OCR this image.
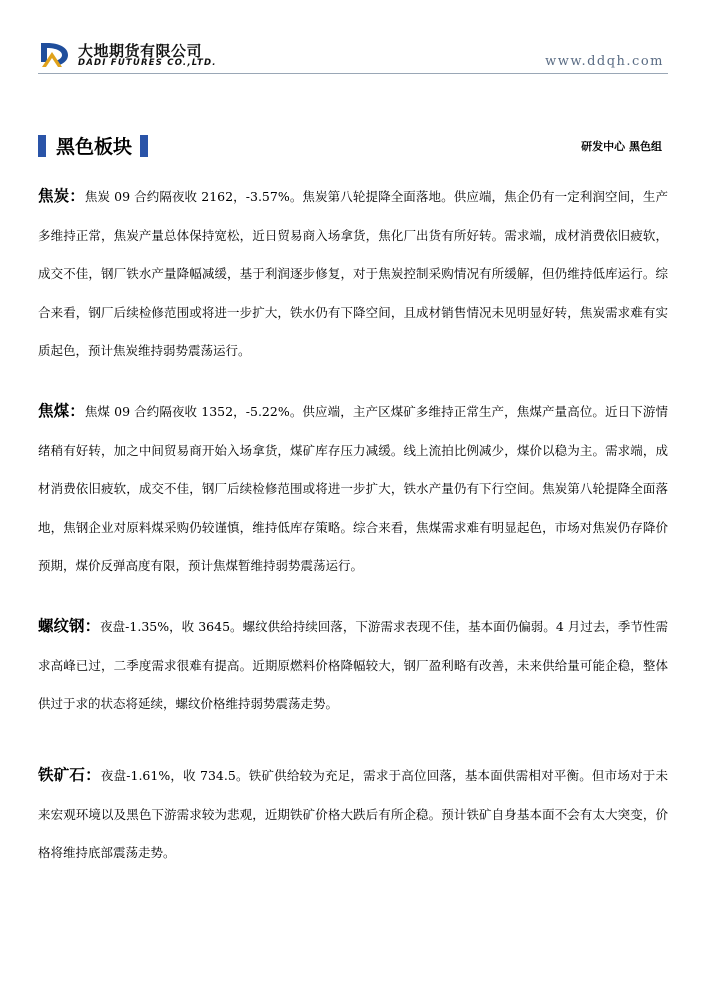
大地期货有限公司
DADI FUTURES CO.,LTD.	www.ddqh.com
黑色板块	研发中心 黑色组

焦炭：焦炭 09 合约隔夜收 2162，-3.57%。焦炭第八轮提降全面落地。供应端，焦企仍有一定利润空间，生产多维持正常，焦炭产量总体保持宽松，近日贸易商入场拿货，焦化厂出货有所好转。需求端，成材消费依旧疲软，成交不佳，钢厂铁水产量降幅减缓，基于利润逐步修复，对于焦炭控制采购情况有所缓解，但仍维持低库运行。综合来看，钢厂后续检修范围或将进一步扩大，铁水仍有下降空间，且成材销售情况未见明显好转，焦炭需求难有实质起色，预计焦炭维持弱势震荡运行。

焦煤：焦煤 09 合约隔夜收 1352，-5.22%。供应端，主产区煤矿多维持正常生产，焦煤产量高位。近日下游情绪稍有好转，加之中间贸易商开始入场拿货，煤矿库存压力减缓。线上流拍比例减少，煤价以稳为主。需求端，成材消费依旧疲软，成交不佳，钢厂后续检修范围或将进一步扩大，铁水产量仍有下行空间。焦炭第八轮提降全面落地，焦钢企业对原料煤采购仍较谨慎，维持低库存策略。综合来看，焦煤需求难有明显起色，市场对焦炭仍存降价预期，煤价反弹高度有限，预计焦煤暂维持弱势震荡运行。

螺纹钢：夜盘-1.35%，收 3645。螺纹供给持续回落，下游需求表现不佳，基本面仍偏弱。4 月过去，季节性需求高峰已过，二季度需求很难有提高。近期原燃料价格降幅较大，钢厂盈利略有改善，未来供给量可能企稳，整体供过于求的状态将延续，螺纹价格维持弱势震荡走势。

铁矿石：夜盘-1.61%，收 734.5。铁矿供给较为充足，需求于高位回落，基本面供需相对平衡。但市场对于未来宏观环境以及黑色下游需求较为悲观，近期铁矿价格大跌后有所企稳。预计铁矿自身基本面不会有太大突变，价格将维持底部震荡走势。
